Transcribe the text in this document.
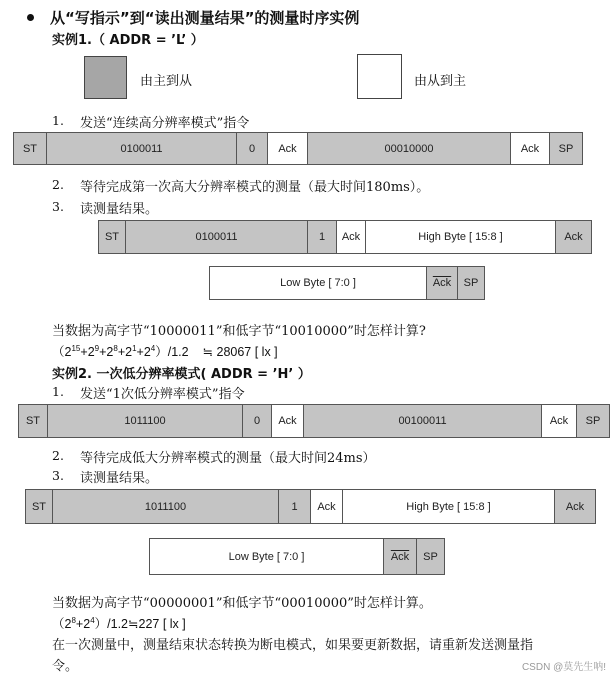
从“写指示”到“读出测量结果”的测量时序实例
实例1.（ ADDR = ’L’ ）
由主到从	由从到主
1. 发送“连续高分辨率模式”指令
ST	0100011	0	Ack	00010000	Ack	SP
2. 等待完成第一次高大分辨率模式的测量（最大时间180ms）。
3. 读测量结果。
ST	0100011	1	Ack	High Byte [ 15:8 ]	Ack
Low Byte [ 7:0 ]	$\overline{Ack}$	SP
当数据为高字节“10000011”和低字节“10010000”时怎样计算?
$(2^{15}+2^9+2^8+2^1+2^4)/1.2$ ≒ 28067 [ lx ]
实例2. 一次低分辨率模式( ADDR = ’H’ ）
1. 发送“1次低分辨率模式”指令
ST	1011100	0	Ack	00100011	Ack	SP
2. 等待完成低大分辨率模式的测量（最大时间24ms）
3. 读测量结果。
ST	1011100	1	Ack	High Byte [ 15:8 ]	Ack
Low Byte [ 7:0 ]	$\overline{Ack}$	SP
当数据为高字节“00000001”和低字节“00010000”时怎样计算。
$(2^8+2^4)/1.2≒227$ [ lx ]
在一次测量中，测量结束状态转换为断电模式，如果要更新数据，请重新发送测量指
令。	CSDN @莫先生呐!
